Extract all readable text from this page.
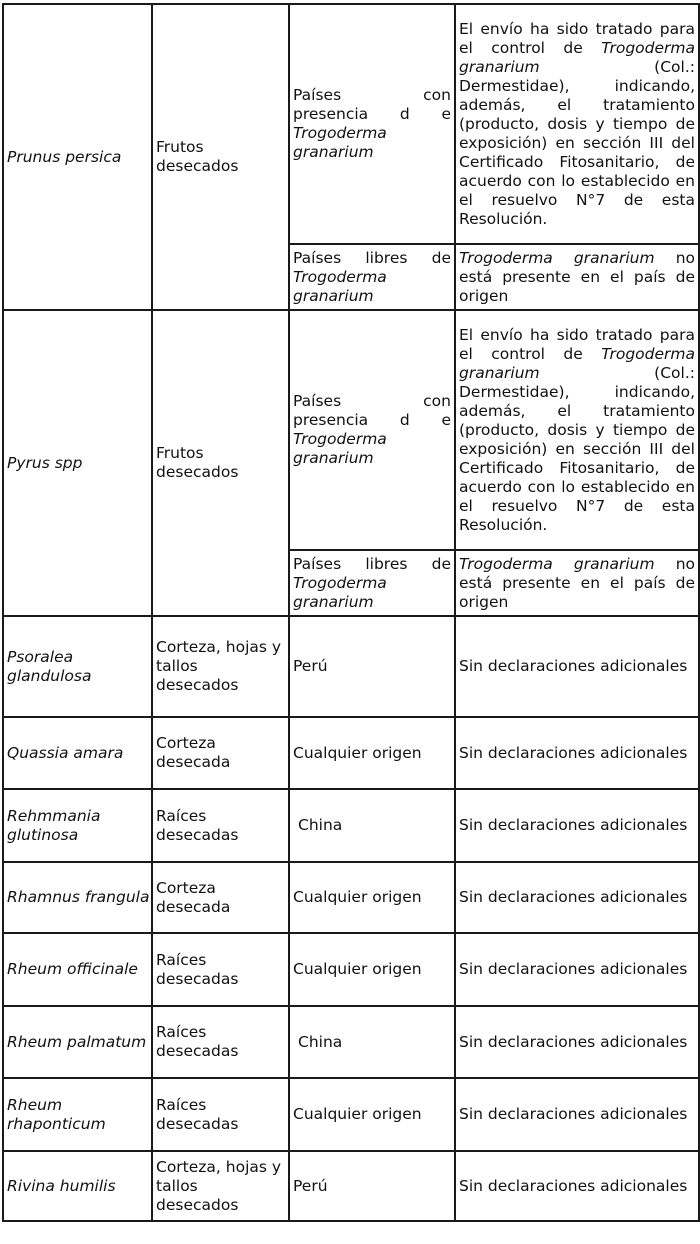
Prunus persica	Frutos desecados	Países con presencia d e Trogoderma granarium	El envío ha sido tratado para el control de Trogoderma granarium (Col.: Dermestidae), indicando, además, el tratamiento (producto, dosis y tiempo de exposición) en sección III del Certificado Fitosanitario, de acuerdo con lo establecido en el resuelvo N°7 de esta Resolución.
		Países libres de Trogoderma granarium	Trogoderma granarium no está presente en el país de origen
Pyrus spp	Frutos desecados	Países con presencia d e Trogoderma granarium	El envío ha sido tratado para el control de Trogoderma granarium (Col.: Dermestidae), indicando, además, el tratamiento (producto, dosis y tiempo de exposición) en sección III del Certificado Fitosanitario, de acuerdo con lo establecido en el resuelvo N°7 de esta Resolución.
		Países libres de Trogoderma granarium	Trogoderma granarium no está presente en el país de origen
Psoralea glandulosa	Corteza, hojas y tallos desecados	Perú	Sin declaraciones adicionales
Quassia amara	Corteza desecada	Cualquier origen	Sin declaraciones adicionales
Rehmmania glutinosa	Raíces desecadas	China	Sin declaraciones adicionales
Rhamnus frangula	Corteza desecada	Cualquier origen	Sin declaraciones adicionales
Rheum officinale	Raíces desecadas	Cualquier origen	Sin declaraciones adicionales
Rheum palmatum	Raíces desecadas	China	Sin declaraciones adicionales
Rheum rhaponticum	Raíces desecadas	Cualquier origen	Sin declaraciones adicionales
Rivina humilis	Corteza, hojas y tallos desecados	Perú	Sin declaraciones adicionales
